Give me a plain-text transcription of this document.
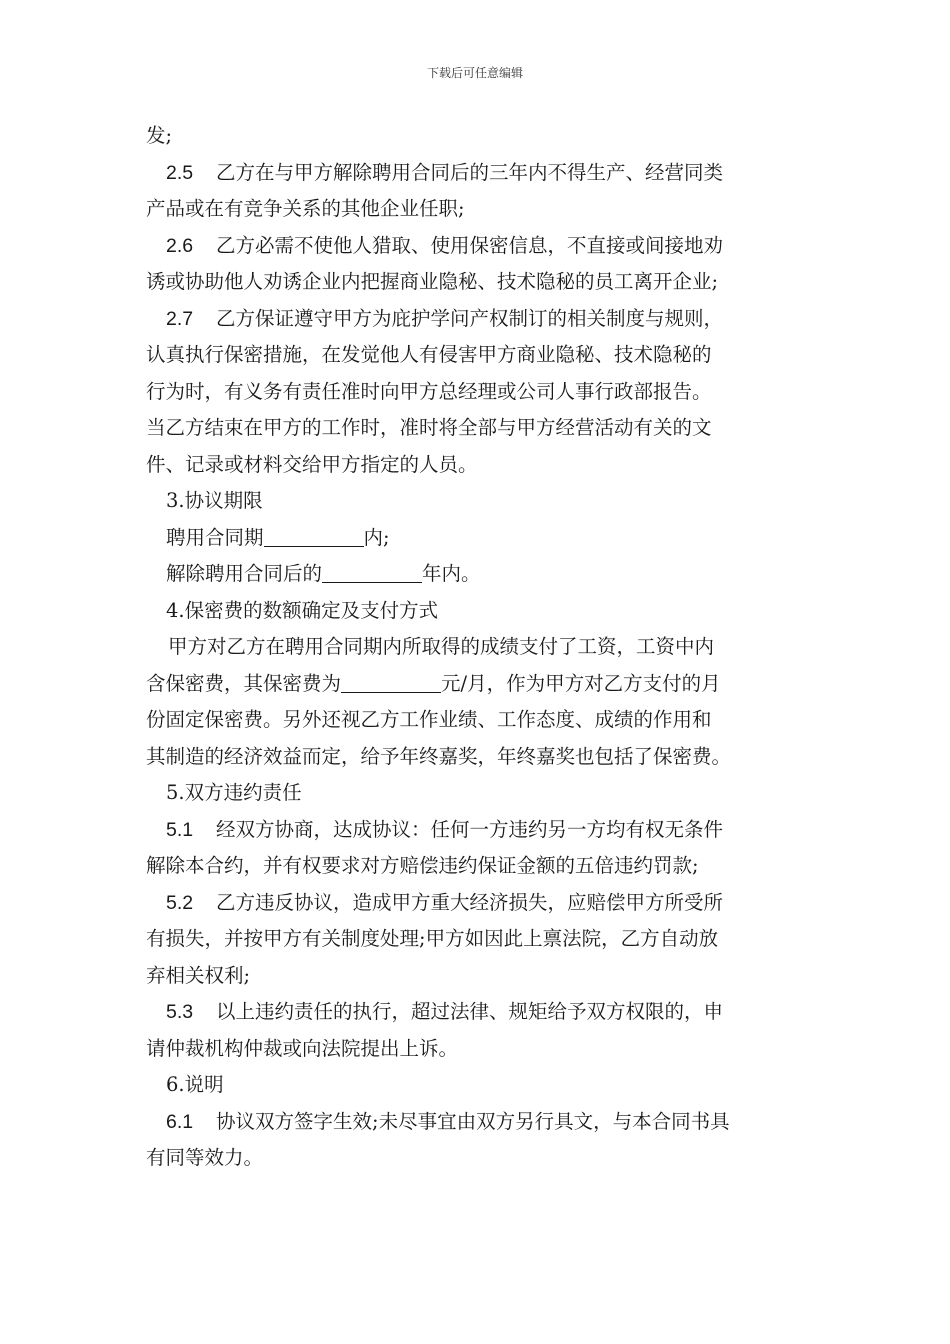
下载后可任意编辑
发;
2.5 乙方在与甲方解除聘用合同后的三年内不得生产、经营同类
产品或在有竞争关系的其他企业任职;
2.6 乙方必需不使他人猎取、使用保密信息，不直接或间接地劝
诱或协助他人劝诱企业内把握商业隐秘、技术隐秘的员工离开企业;
2.7 乙方保证遵守甲方为庇护学问产权制订的相关制度与规则，
认真执行保密措施，在发觉他人有侵害甲方商业隐秘、技术隐秘的
行为时，有义务有责任准时向甲方总经理或公司人事行政部报告。
当乙方结束在甲方的工作时，准时将全部与甲方经营活动有关的文
件、记录或材料交给甲方指定的人员。
3.协议期限
聘用合同期	内;
解除聘用合同后的	年内。
4.保密费的数额确定及支付方式
甲方对乙方在聘用合同期内所取得的成绩支付了工资，工资中内
含保密费，其保密费为	元/月，作为甲方对乙方支付的月
份固定保密费。另外还视乙方工作业绩、工作态度、成绩的作用和
其制造的经济效益而定，给予年终嘉奖，年终嘉奖也包括了保密费。
5.双方违约责任
5.1 经双方协商，达成协议：任何一方违约另一方均有权无条件
解除本合约，并有权要求对方赔偿违约保证金额的五倍违约罚款;
5.2 乙方违反协议，造成甲方重大经济损失，应赔偿甲方所受所
有损失，并按甲方有关制度处理;甲方如因此上禀法院，乙方自动放
弃相关权利;
5.3 以上违约责任的执行，超过法律、规矩给予双方权限的，申
请仲裁机构仲裁或向法院提出上诉。
6.说明
6.1 协议双方签字生效;未尽事宜由双方另行具文，与本合同书具
有同等效力。
